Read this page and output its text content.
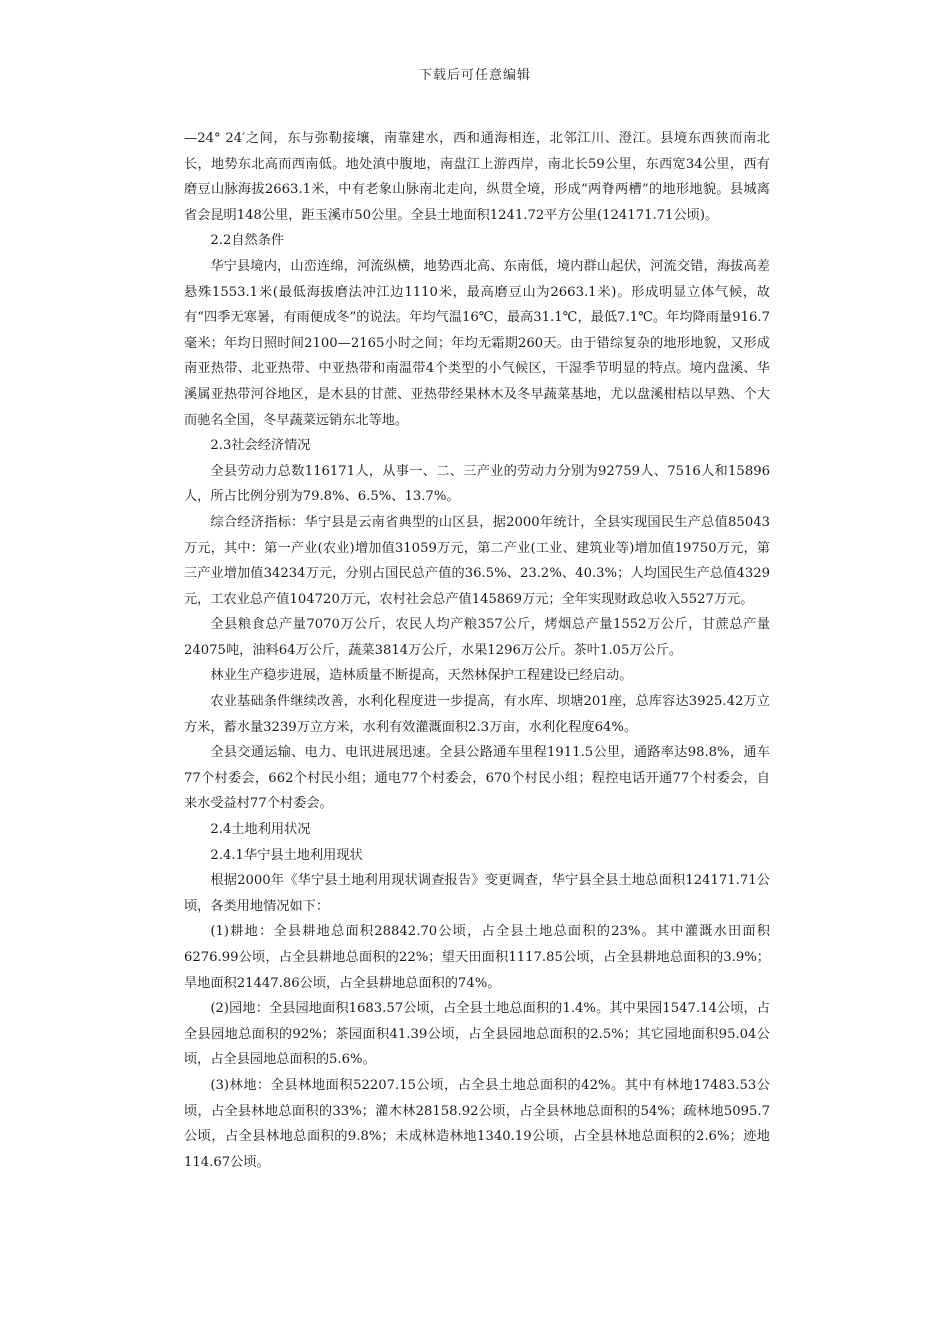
下载后可任意编辑

—24° 24′之间，东与弥勒接壤，南靠建水，西和通海相连，北邻江川、澄江。县境东西狭而南北长，地势东北高而西南低。地处滇中腹地，南盘江上游西岸，南北长59公里，东西宽34公里，西有磨豆山脉海拔2663.1米，中有老象山脉南北走向，纵贯全境，形成“两脊两槽”的地形地貌。县城离省会昆明148公里，距玉溪市50公里。全县土地面积1241.72平方公里(124171.71公顷)。

2.2自然条件

华宁县境内，山峦连绵，河流纵横，地势西北高、东南低，境内群山起伏，河流交错，海拔高差悬殊1553.1米(最低海拔磨法冲江边1110米，最高磨豆山为2663.1米)。形成明显立体气候，故有“四季无寒暑，有雨便成冬”的说法。年均气温16℃，最高31.1℃，最低7.1℃。年均降雨量916.7毫米；年均日照时间2100—2165小时之间；年均无霜期260天。由于错综复杂的地形地貌，又形成南亚热带、北亚热带、中亚热带和南温带4个类型的小气候区，干湿季节明显的特点。境内盘溪、华溪属亚热带河谷地区，是木县的甘蔗、亚热带经果林木及冬早蔬菜基地，尤以盘溪柑桔以早熟、个大而驰名全国，冬早蔬菜远销东北等地。

2.3社会经济情况

全县劳动力总数116171人，从事一、二、三产业的劳动力分别为92759人、7516人和15896人，所占比例分别为79.8%、6.5%、13.7%。

综合经济指标：华宁县是云南省典型的山区县，据2000年统计，全县实现国民生产总值85043万元，其中：第一产业(农业)增加值31059万元，第二产业(工业、建筑业等)增加值19750万元，第三产业增加值34234万元，分别占国民总产值的36.5%、23.2%、40.3%；人均国民生产总值4329元，工农业总产值104720万元，农村社会总产值145869万元；全年实现财政总收入5527万元。

全县粮食总产量7070万公斤，农民人均产粮357公斤，烤烟总产量1552万公斤，甘蔗总产量24075吨，油料64万公斤，蔬菜3814万公斤，水果1296万公斤。茶叶1.05万公斤。

林业生产稳步进展，造林质量不断提高，天然林保护工程建设已经启动。

农业基础条件继续改善，水利化程度进一步提高，有水库、坝塘201座，总库容达3925.42万立方米，蓄水量3239万立方米，水利有效灌溉面积2.3万亩，水利化程度64%。

全县交通运输、电力、电讯进展迅速。全县公路通车里程1911.5公里，通路率达98.8%，通车77个村委会，662个村民小组；通电77个村委会，670个村民小组；程控电话开通77个村委会，自来水受益村77个村委会。

2.4土地利用状况
2.4.1华宁县土地利用现状

根据2000年《华宁县土地利用现状调查报告》变更调查，华宁县全县土地总面积124171.71公顷，各类用地情况如下：

(1)耕地：全县耕地总面积28842.70公顷，占全县土地总面积的23%。其中灌溉水田面积6276.99公顷，占全县耕地总面积的22%；望天田面积1117.85公顷，占全县耕地总面积的3.9%；旱地面积21447.86公顷，占全县耕地总面积的74%。

(2)园地：全县园地面积1683.57公顷，占全县土地总面积的1.4%。其中果园1547.14公顷，占全县园地总面积的92%；茶园面积41.39公顷，占全县园地总面积的2.5%；其它园地面积95.04公顷，占全县园地总面积的5.6%。

(3)林地：全县林地面积52207.15公顷，占全县土地总面积的42%。其中有林地17483.53公顷，占全县林地总面积的33%；灌木林28158.92公顷，占全县林地总面积的54%；疏林地5095.7公顷，占全县林地总面积的9.8%；未成林造林地1340.19公顷，占全县林地总面积的2.6%；迹地114.67公顷。
